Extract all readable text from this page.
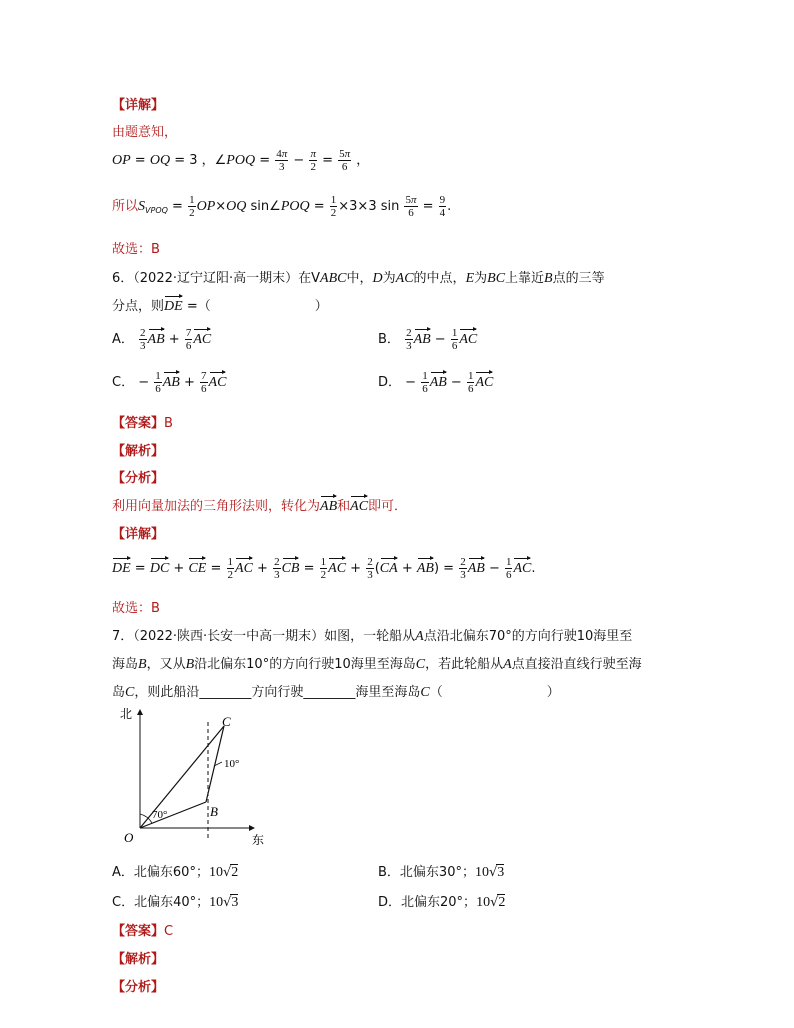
【详解】
由题意知，
OP = OQ = 3 ，∠POQ = $\frac{4\pi}{3} - \frac{\pi}{2} = \frac{5\pi}{6}$ ，
所以$S_{VPOQ} = \frac{1}{2} OP\times OQ$ sin∠POQ = $\frac{1}{2} \times 3\times 3$ $\sin \frac{5\pi}{6} = \frac{9}{4}$ .
故选：B
6．（2022·辽宁辽阳·高一期末）在VABC中，D为AC的中点，E为BC上靠近B点的三等
分点，则DE =（　　　　　　　　）
A． $\frac{2}{3}$ AB + $\frac{7}{6}$ AC	B． $\frac{2}{3}$ AB − $\frac{1}{6}$ AC
C． − $\frac{1}{6}$ AB + $\frac{7}{6}$ AC	D． − $\frac{1}{6}$ AB − $\frac{1}{6}$ AC
【答案】B
【解析】
【分析】
利用向量加法的三角形法则，转化为AB和AC即可．
【详解】
DE = DC + CE = $\frac{1}{2}$ AC + $\frac{2}{3}$ CB = $\frac{1}{2}$ AC + $\frac{2}{3} (CA + AB) = \frac{2}{3}$ AB − $\frac{1}{6}$ AC.
故选：B
7．（2022·陕西·长安一中高一期末）如图，一轮船从A点沿北偏东70°的方向行驶10海里至
海岛B，又从B沿北偏东10°的方向行驶10海里至海岛C，若此轮船从A点直接沿直线行驶至海
岛C，则此船沿________方向行驶________海里至海岛C（　　　　　　　　）
北
东
O
B
C
70°
10°
A．北偏东60°；10√2	B．北偏东30°；10√3
C．北偏东40°；10√3	D．北偏东20°；10√2
【答案】C
【解析】
【分析】
